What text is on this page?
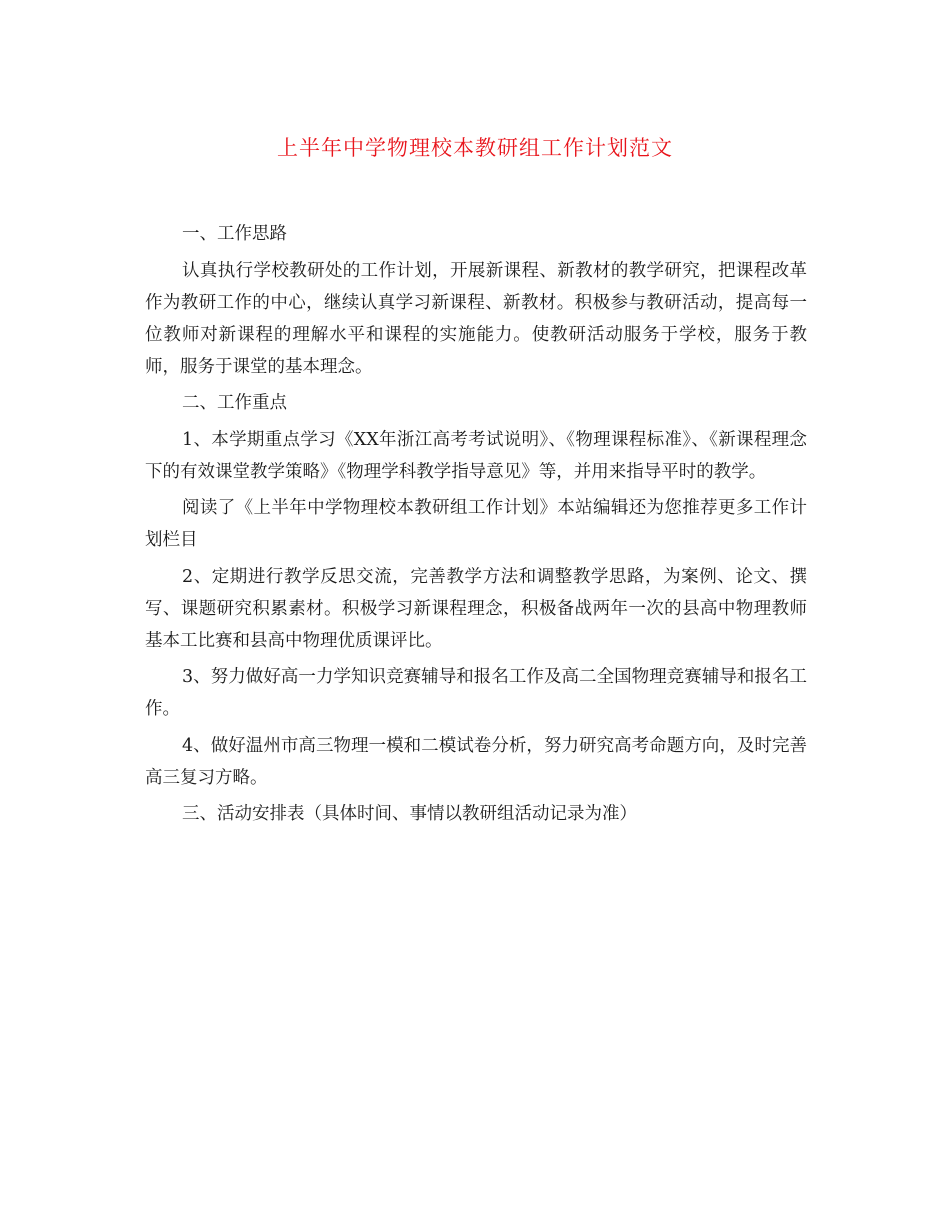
上半年中学物理校本教研组工作计划范文

一、工作思路

认真执行学校教研处的工作计划，开展新课程、新教材的教学研究，把课程改革作为教研工作的中心，继续认真学习新课程、新教材。积极参与教研活动，提高每一位教师对新课程的理解水平和课程的实施能力。使教研活动服务于学校，服务于教师，服务于课堂的基本理念。

二、工作重点

1、本学期重点学习《XX年浙江高考考试说明》、《物理课程标准》、《新课程理念下的有效课堂教学策略》《物理学科教学指导意见》等，并用来指导平时的教学。

阅读了《上半年中学物理校本教研组工作计划》本站编辑还为您推荐更多工作计划栏目

2、定期进行教学反思交流，完善教学方法和调整教学思路，为案例、论文、撰写、课题研究积累素材。积极学习新课程理念，积极备战两年一次的县高中物理教师基本工比赛和县高中物理优质课评比。

3、努力做好高一力学知识竞赛辅导和报名工作及高二全国物理竞赛辅导和报名工作。

4、做好温州市高三物理一模和二模试卷分析，努力研究高考命题方向，及时完善高三复习方略。

三、活动安排表（具体时间、事情以教研组活动记录为准）
